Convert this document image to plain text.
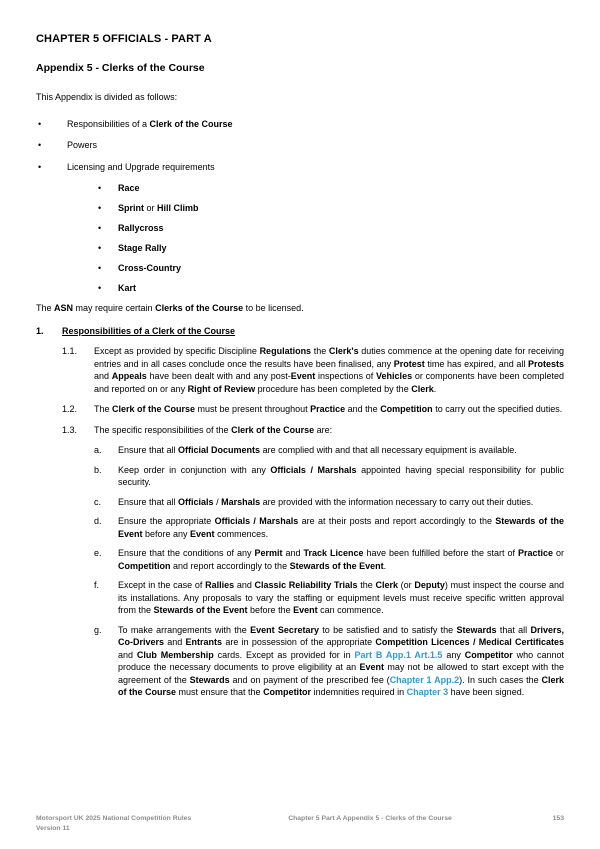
CHAPTER 5 OFFICIALS - PART A
Appendix 5 - Clerks of the Course

This Appendix is divided as follows:

•	Responsibilities of a Clerk of the Course
•	Powers
•	Licensing and Upgrade requirements
•	Race
•	Sprint or Hill Climb
•	Rallycross
•	Stage Rally
•	Cross-Country
•	Kart

The ASN may require certain Clerks of the Course to be licensed.

1.	Responsibilities of a Clerk of the Course
1.1.	Except as provided by specific Discipline Regulations the Clerk's duties commence at the opening date for receiving entries and in all cases conclude once the results have been finalised, any Protest time has expired, and all Protests and Appeals have been dealt with and any post-Event inspections of Vehicles or components have been completed and reported on or any Right of Review procedure has been completed by the Clerk.
1.2.	The Clerk of the Course must be present throughout Practice and the Competition to carry out the specified duties.
1.3.	The specific responsibilities of the Clerk of the Course are:
a.	Ensure that all Official Documents are complied with and that all necessary equipment is available.
b.	Keep order in conjunction with any Officials / Marshals appointed having special responsibility for public security.
c.	Ensure that all Officials / Marshals are provided with the information necessary to carry out their duties.
d.	Ensure the appropriate Officials / Marshals are at their posts and report accordingly to the Stewards of the Event before any Event commences.
e.	Ensure that the conditions of any Permit and Track Licence have been fulfilled before the start of Practice or Competition and report accordingly to the Stewards of the Event.
f.	Except in the case of Rallies and Classic Reliability Trials the Clerk (or Deputy) must inspect the course and its installations. Any proposals to vary the staffing or equipment levels must receive specific written approval from the Stewards of the Event before the Event can commence.
g.	To make arrangements with the Event Secretary to be satisfied and to satisfy the Stewards that all Drivers, Co-Drivers and Entrants are in possession of the appropriate Competition Licences / Medical Certificates and Club Membership cards. Except as provided for in Part B App.1 Art.1.5 any Competitor who cannot produce the necessary documents to prove eligibility at an Event may not be allowed to start except with the agreement of the Stewards and on payment of the prescribed fee (Chapter 1 App.2). In such cases the Clerk of the Course must ensure that the Competitor indemnities required in Chapter 3 have been signed.
Motorsport UK 2025 National Competition Rules
Version 11
Chapter 5 Part A Appendix 5 - Clerks of the Course	153
